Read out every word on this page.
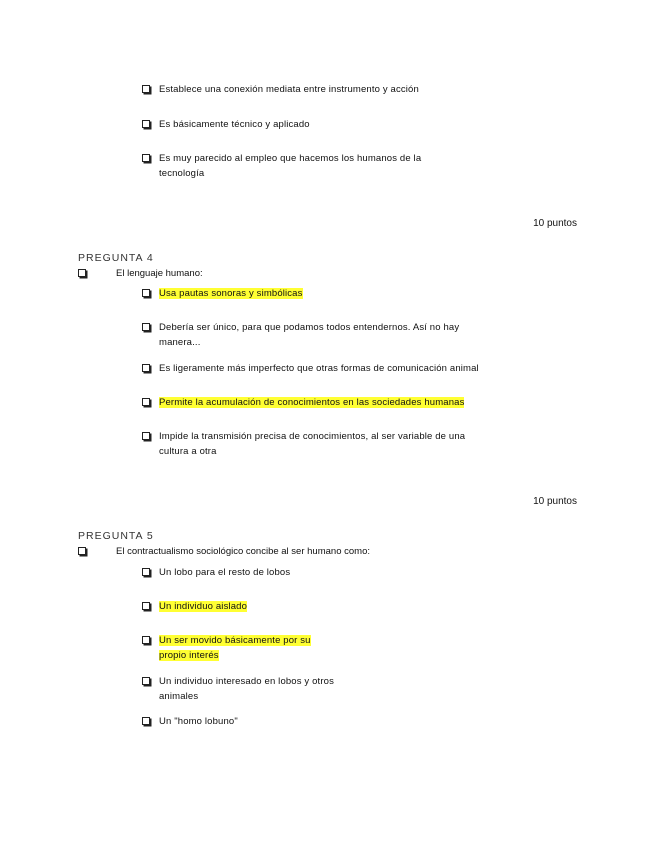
Establece una conexión mediata entre instrumento y acción
Es básicamente técnico y aplicado
Es muy parecido al empleo que hacemos los humanos de la
tecnología
10 puntos
PREGUNTA 4
El lenguaje humano:
Usa pautas sonoras y simbólicas
Debería ser único, para que podamos todos entendernos. Así no hay
manera...
Es ligeramente más imperfecto que otras formas de comunicación animal
Permite la acumulación de conocimientos en las sociedades humanas
Impide la transmisión precisa de conocimientos, al ser variable de una
cultura a otra
10 puntos
PREGUNTA 5
El contractualismo sociológico concibe al ser humano como:
Un lobo para el resto de lobos
Un individuo aislado
Un ser movido básicamente por su
propio interés
Un individuo interesado en lobos y otros
animales
Un "homo lobuno"
